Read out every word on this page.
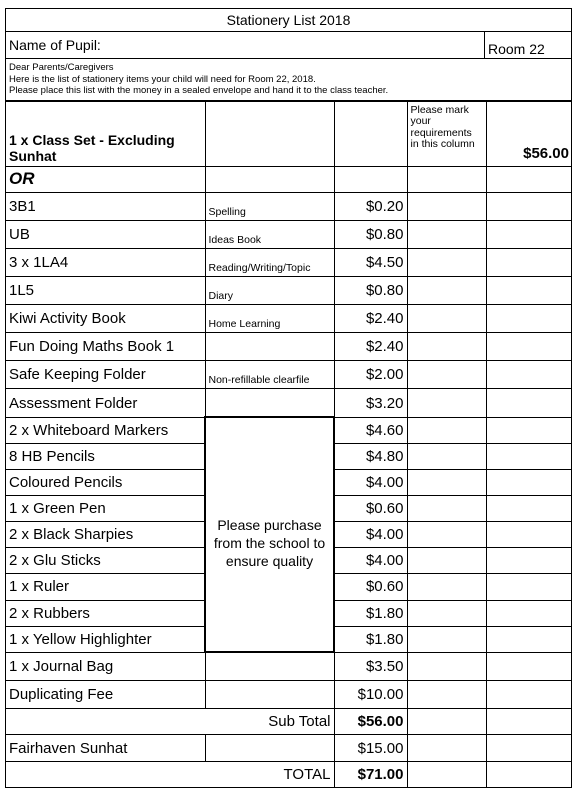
Stationery List 2018
Name of Pupil:	Room 22
Dear Parents/Caregivers
Here is the list of stationery items your child will need for Room 22, 2018.
Please place this list with the money in a sealed envelope and hand it to the class teacher.
1 x Class Set - Excluding Sunhat			Please mark your requirements in this column	$56.00
OR				
3B1	Spelling	$0.20		
UB	Ideas Book	$0.80		
3 x 1LA4	Reading/Writing/Topic	$4.50		
1L5	Diary	$0.80		
Kiwi Activity Book	Home Learning	$2.40		
Fun Doing Maths Book 1		$2.40		
Safe Keeping Folder	Non-refillable clearfile	$2.00		
Assessment Folder		$3.20		
2 x Whiteboard Markers	Please purchase from the school to ensure quality	$4.60		
8 HB Pencils		$4.80		
Coloured Pencils		$4.00		
1 x Green Pen		$0.60		
2 x Black Sharpies		$4.00		
2 x Glu Sticks		$4.00		
1 x Ruler		$0.60		
2 x Rubbers		$1.80		
1 x Yellow Highlighter		$1.80		
1 x Journal Bag		$3.50		
Duplicating Fee		$10.00		
Sub Total		$56.00		
Fairhaven Sunhat		$15.00		
TOTAL		$71.00		
